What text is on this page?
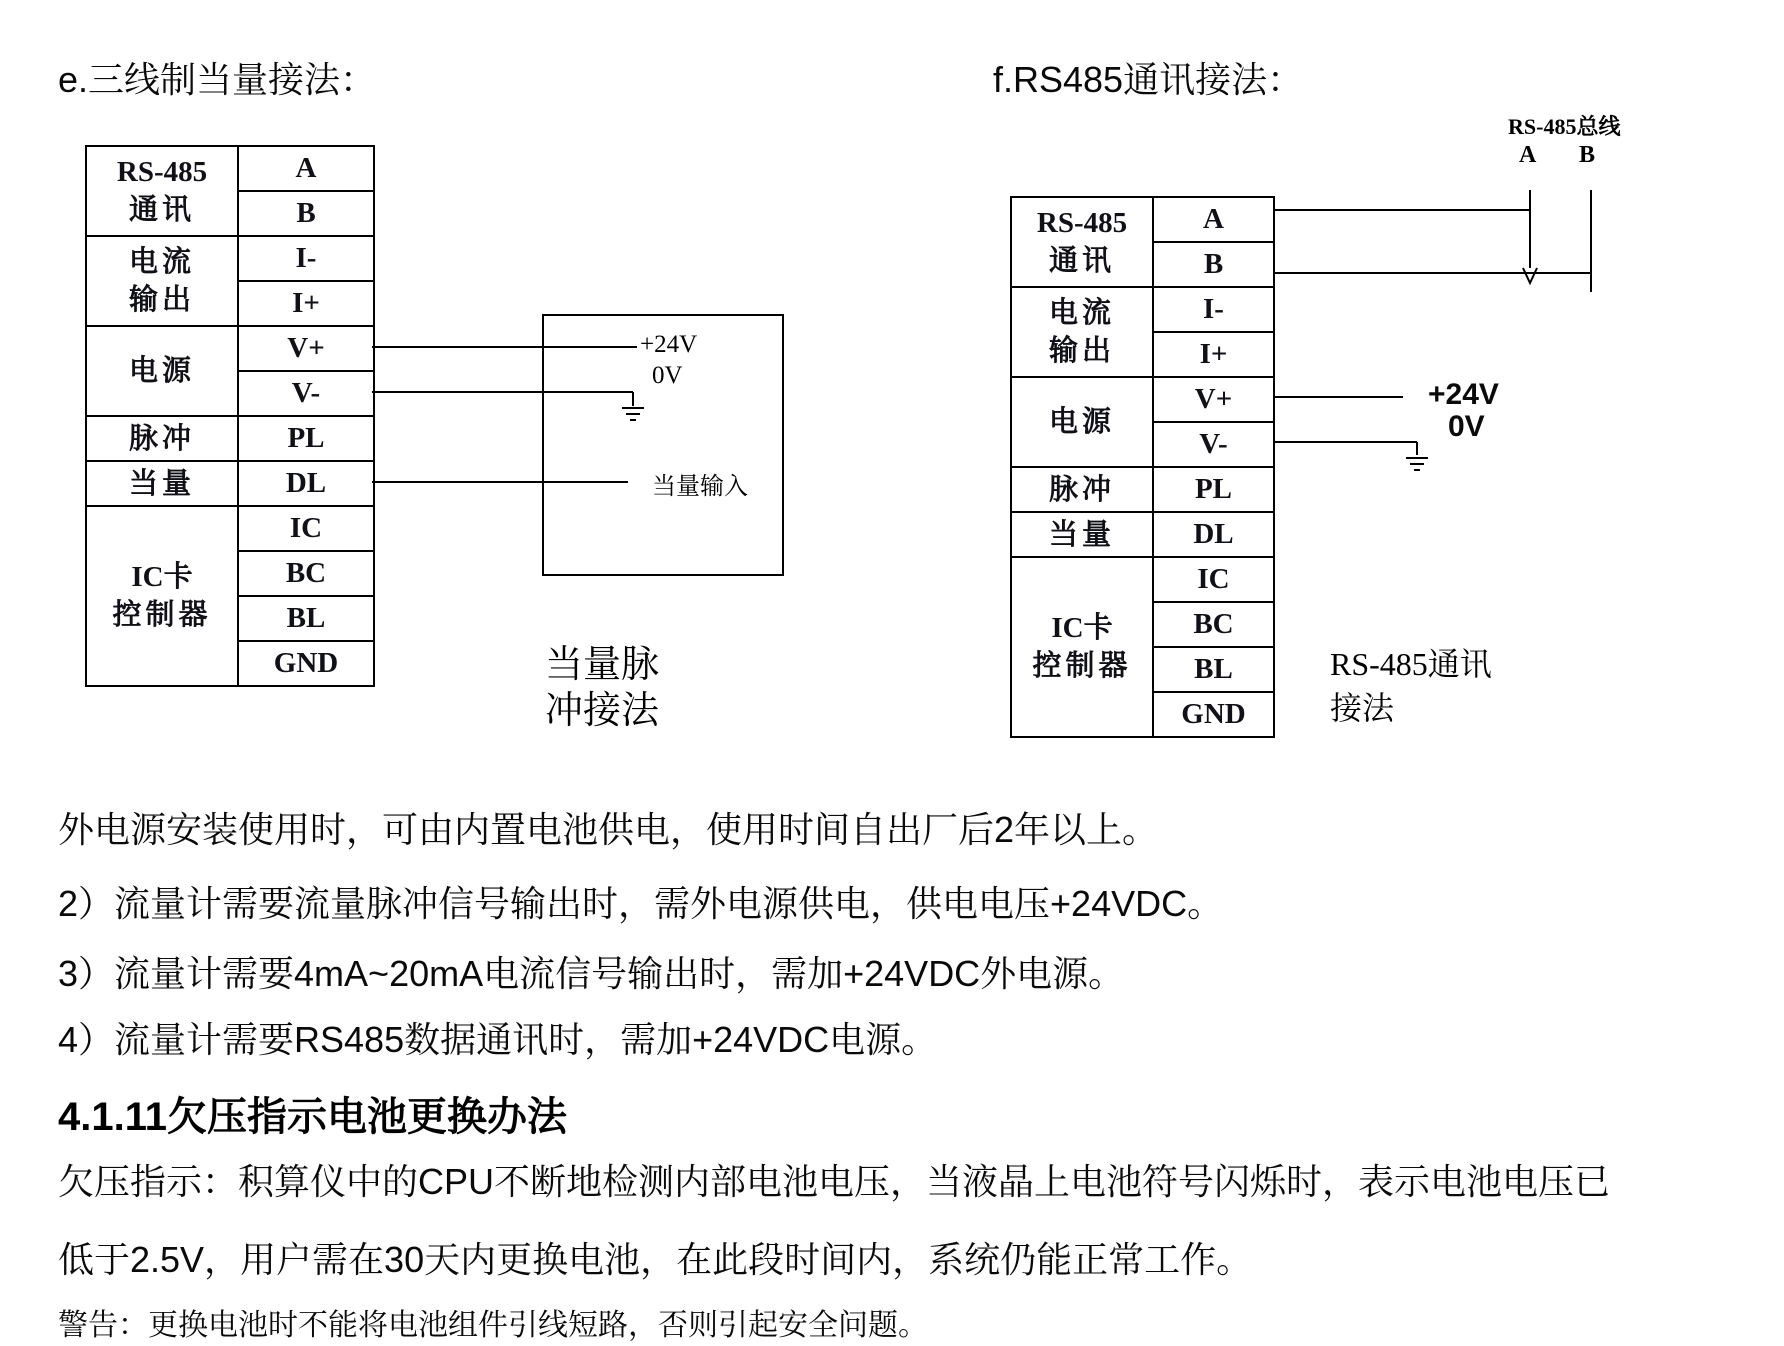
e.三线制当量接法：	f.RS485通讯接法：
RS-485
通讯	A
	B

电流
输出	I-
	I+

电源	V+
	V-

脉冲	PL

当量	DL

IC卡
控制器	IC
	BC
	BL
	GND
RS-485
通讯	A
	B

电流
输出	I-
	I+

电源	V+
	V-

脉冲	PL

当量	DL

IC卡
控制器	IC
	BC
	BL
	GND
+24V
0V
当量输入
当量脉
冲接法
RS-485总线
A B
+24V
0V
RS-485通讯
接法
外电源安装使用时，可由内置电池供电，使用时间自出厂后2年以上。
2）流量计需要流量脉冲信号输出时，需外电源供电，供电电压+24VDC。
3）流量计需要4mA~20mA电流信号输出时，需加+24VDC外电源。
4）流量计需要RS485数据通讯时，需加+24VDC电源。
4.1.11欠压指示电池更换办法
欠压指示：积算仪中的CPU不断地检测内部电池电压，当液晶上电池符号闪烁时，表示电池电压已
低于2.5V，用户需在30天内更换电池，在此段时间内，系统仍能正常工作。
警告：更换电池时不能将电池组件引线短路，否则引起安全问题。
